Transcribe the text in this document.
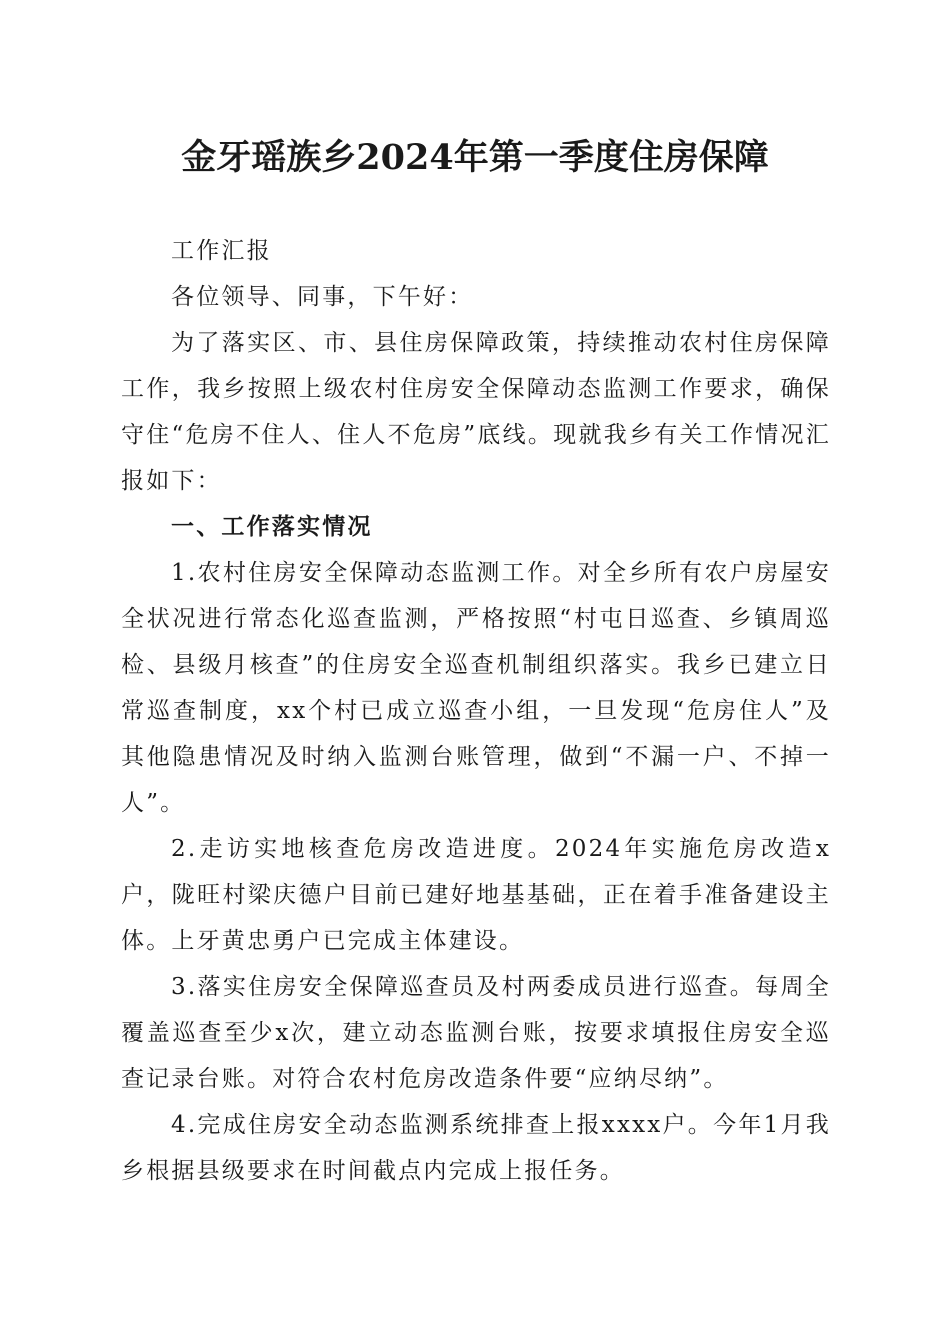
金牙瑶族乡2024年第一季度住房保障

工作汇报

各位领导、同事，下午好：

为了落实区、市、县住房保障政策，持续推动农村住房保障工作，我乡按照上级农村住房安全保障动态监测工作要求，确保守住“危房不住人、住人不危房”底线。现就我乡有关工作情况汇报如下：

一、工作落实情况

1.农村住房安全保障动态监测工作。对全乡所有农户房屋安全状况进行常态化巡查监测，严格按照“村屯日巡查、乡镇周巡检、县级月核查”的住房安全巡查机制组织落实。我乡已建立日常巡查制度，xx个村已成立巡查小组，一旦发现“危房住人”及其他隐患情况及时纳入监测台账管理，做到“不漏一户、不掉一人”。

2.走访实地核查危房改造进度。2024年实施危房改造x户，陇旺村梁庆德户目前已建好地基基础，正在着手准备建设主体。上牙黄忠勇户已完成主体建设。

3.落实住房安全保障巡查员及村两委成员进行巡查。每周全覆盖巡查至少x次，建立动态监测台账，按要求填报住房安全巡查记录台账。对符合农村危房改造条件要“应纳尽纳”。

4.完成住房安全动态监测系统排查上报xxxx户。今年1月我乡根据县级要求在时间截点内完成上报任务。
